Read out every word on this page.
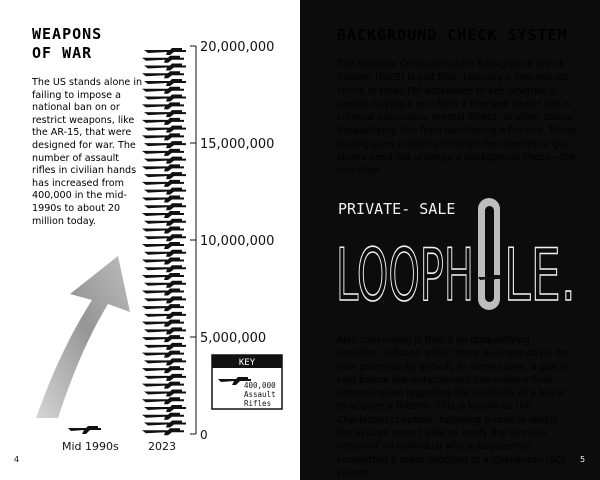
WEAPONS
OF WAR
The US stands alone in failing to impose a national ban on or restrict weapons, like the AR-15, that were designed for war. The number of assault rifles in civilian hands has increased from 400,000 in the mid-1990s to about 20 million today.
0
5,000,000
10,000,000
15,000,000
20,000,000
Mid 1990s	2023
KEY
400,000
Assault
Rifles
4
BACKGROUND CHECK SYSTEM
The National Criminal Instant Background Check System (NICS) is just that; typically a two-minute check of three FBI databases to see whether a person buying a gun from a licensed dealer has a criminal conviction, mental illness, or other status disqualifying him from purchasing a firearm. Those buying guns privately through the internet or gun shows need not undergo a background check—the so-called
PRIVATE- SALE
LOOPH LE.
Also concerning is that if no disqualifying condition is found within three business days, the sale proceeds by default. In some cases, a gun is sold before law enforcement can make a final determination regarding the eligibility of a buyer to acquire a firearm. This is known as the Charleston Loophole, following a case in which the system wasn't able to verify the criminal record of an individual who subsequently committed a mass shooting at a Charleston (SC) church.
5
